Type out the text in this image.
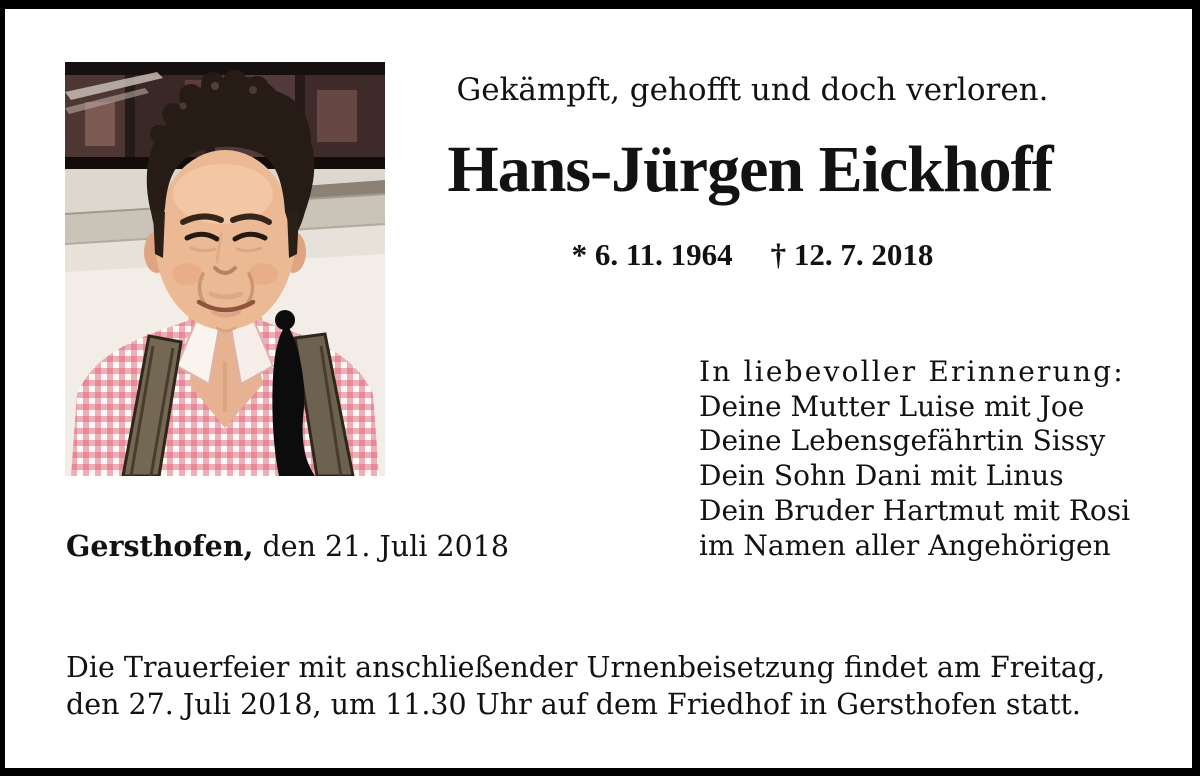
Gekämpft, gehofft und doch verloren.
Hans-Jürgen Eickhoff
* 6. 11. 1964 † 12. 7. 2018
In liebevoller Erinnerung:
Deine Mutter Luise mit Joe
Deine Lebensgefährtin Sissy
Dein Sohn Dani mit Linus
Dein Bruder Hartmut mit Rosi
im Namen aller Angehörigen
Gersthofen, den 21. Juli 2018
Die Trauerfeier mit anschließender Urnenbeisetzung findet am Freitag,
den 27. Juli 2018, um 11.30 Uhr auf dem Friedhof in Gersthofen statt.
